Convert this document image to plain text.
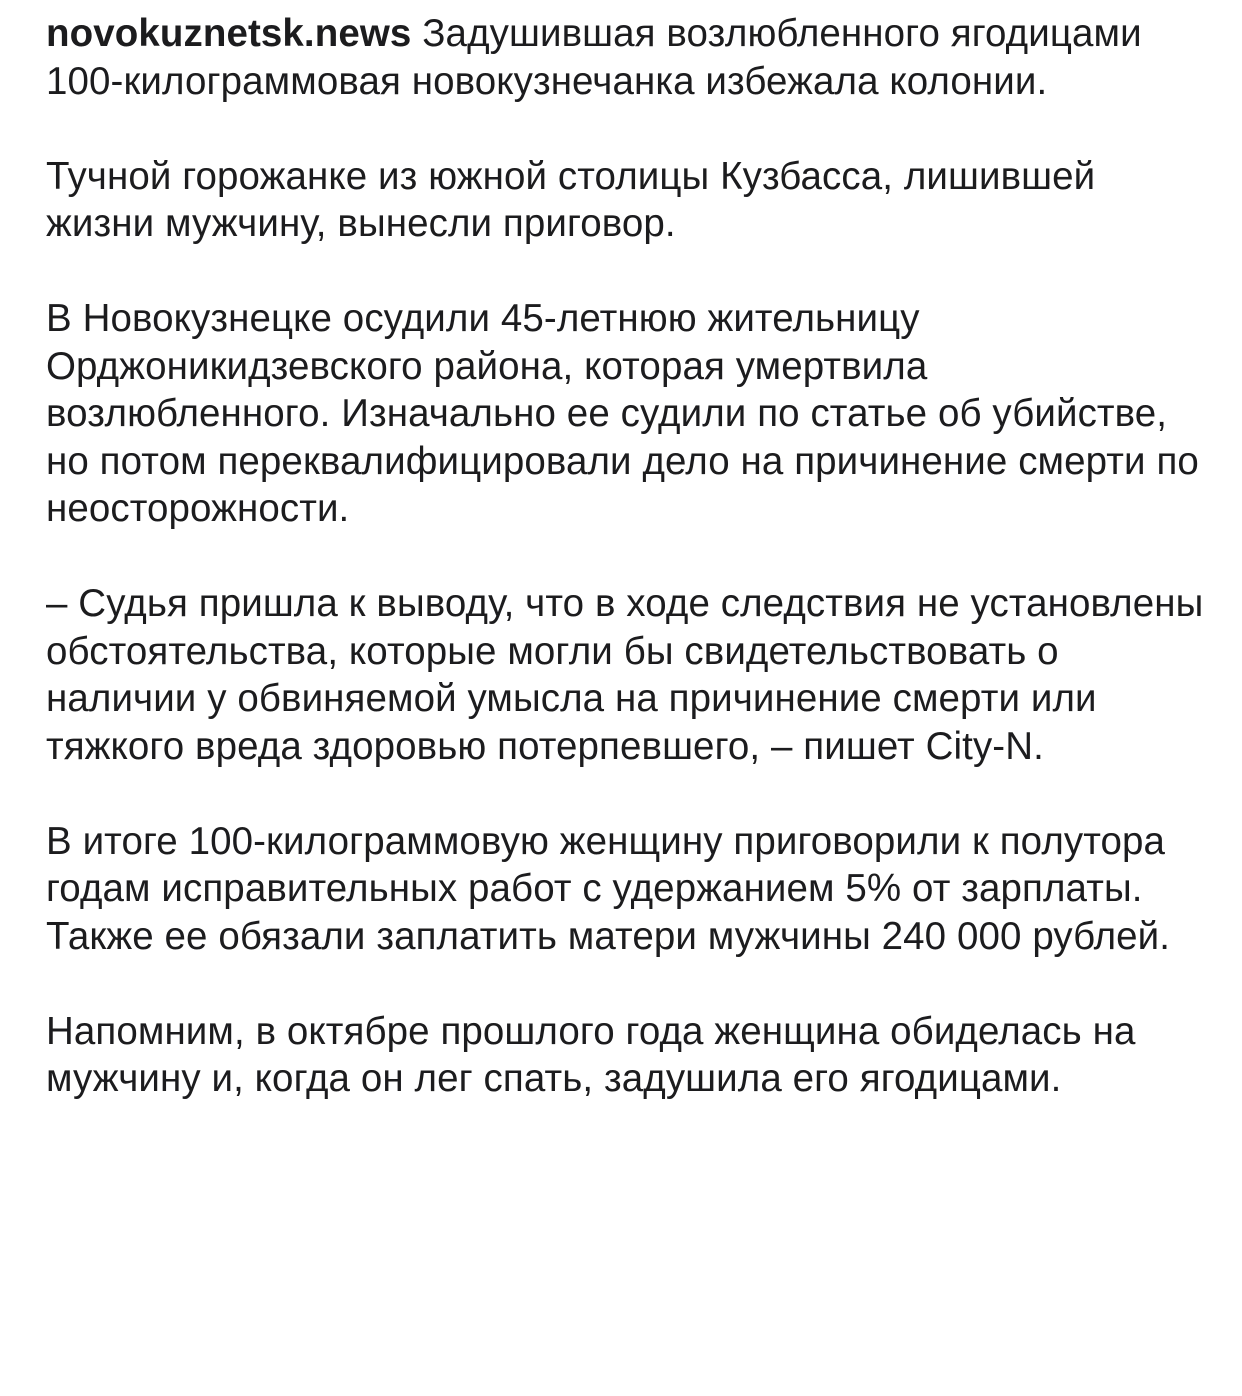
novokuznetsk.news Задушившая возлюбленного ягодицами 100-килограммовая новокузнечанка избежала колонии.

Тучной горожанке из южной столицы Кузбасса, лишившей жизни мужчину, вынесли приговор.

В Новокузнецке осудили 45-летнюю жительницу Орджоникидзевского района, которая умертвила возлюбленного. Изначально ее судили по статье об убийстве, но потом переквалифицировали дело на причинение смерти по неосторожности.

– Судья пришла к выводу, что в ходе следствия не установлены обстоятельства, которые могли бы свидетельствовать о наличии у обвиняемой умысла на причинение смерти или тяжкого вреда здоровью потерпевшего, – пишет City-N.

В итоге 100-килограммовую женщину приговорили к полутора годам исправительных работ с удержанием 5% от зарплаты. Также ее обязали заплатить матери мужчины 240 000 рублей.

Напомним, в октябре прошлого года женщина обиделась на мужчину и, когда он лег спать, задушила его ягодицами.
